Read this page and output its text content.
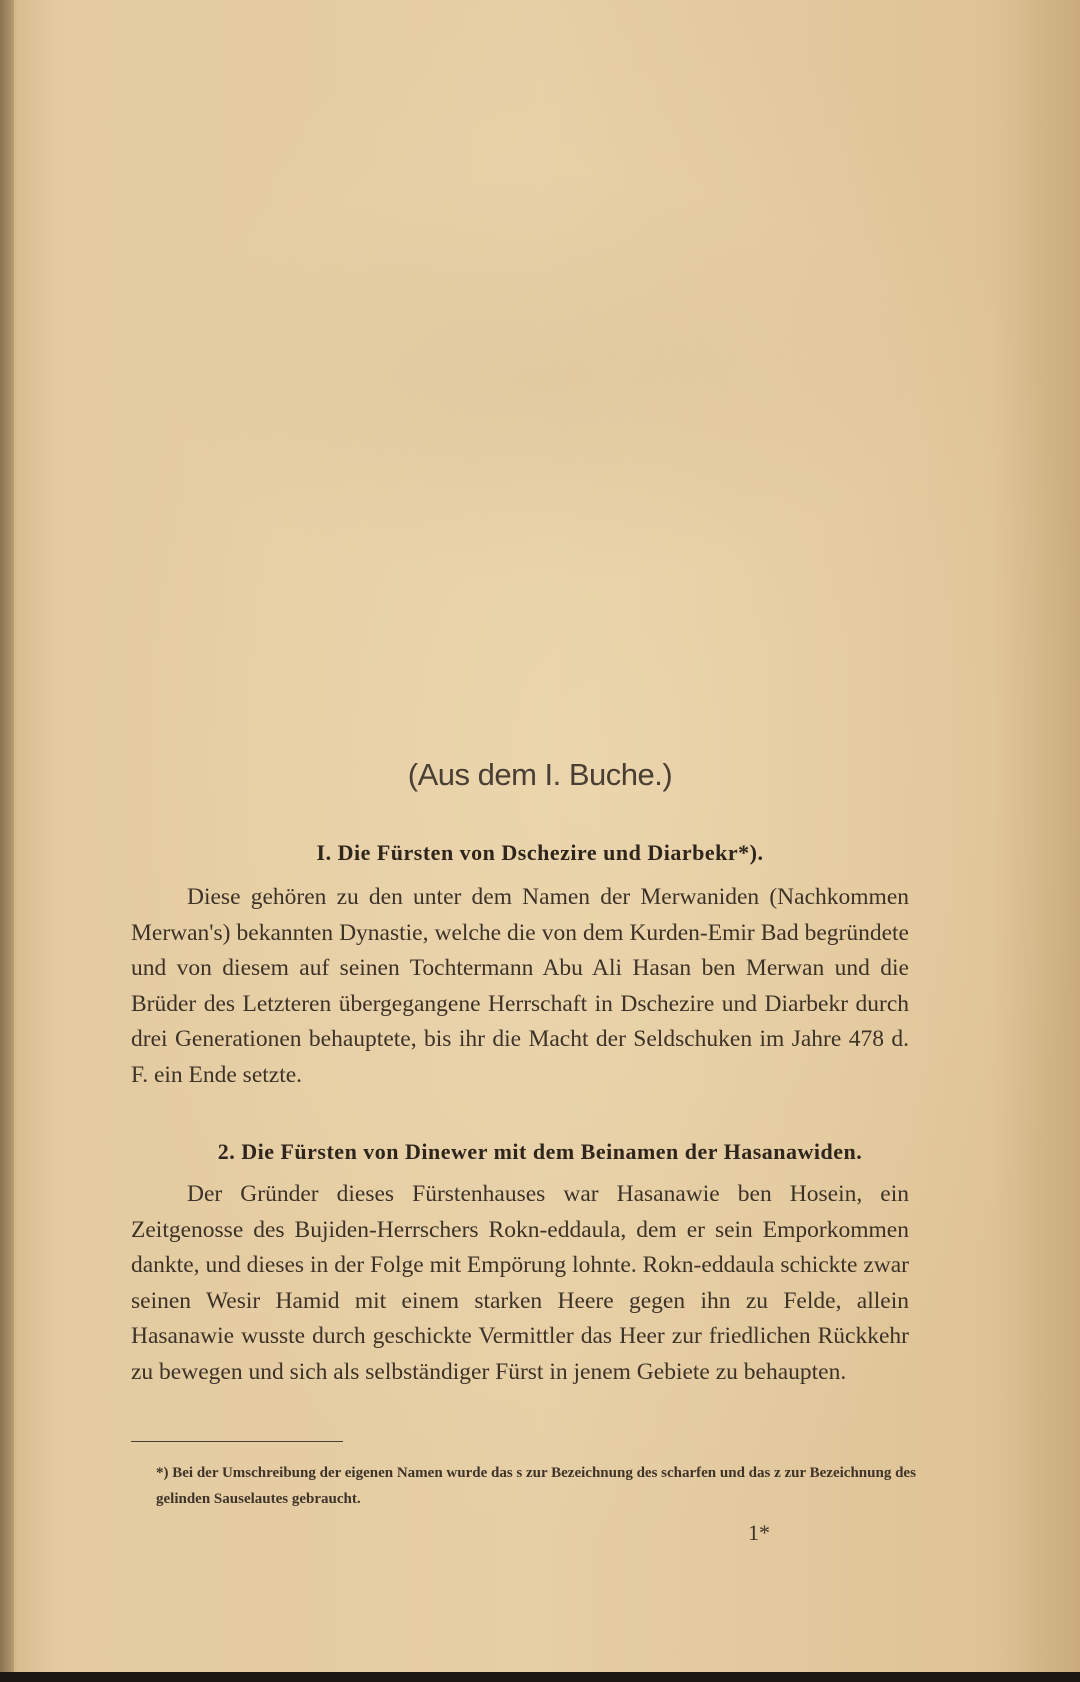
(Aus dem I. Buche.)
I. Die Fürsten von Dschezire und Diarbekr*).

Diese gehören zu den unter dem Namen der Merwaniden (Nachkommen Merwan's) bekannten Dynastie, welche die von dem Kurden-Emir Bad begründete und von diesem auf seinen Tochtermann Abu Ali Hasan ben Merwan und die Brüder des Letzteren übergegangene Herrschaft in Dschezire und Diarbekr durch drei Generationen behauptete, bis ihr die Macht der Seldschuken im Jahre 478 d. F. ein Ende setzte.

2. Die Fürsten von Dinewer mit dem Beinamen der Hasanawiden.

Der Gründer dieses Fürstenhauses war Hasanawie ben Hosein, ein Zeitgenosse des Bujiden-Herrschers Rokn-eddaula, dem er sein Emporkommen dankte, und dieses in der Folge mit Empörung lohnte. Rokn-eddaula schickte zwar seinen Wesir Hamid mit einem starken Heere gegen ihn zu Felde, allein Hasanawie wusste durch geschickte Vermittler das Heer zur friedlichen Rückkehr zu bewegen und sich als selbständiger Fürst in jenem Gebiete zu behaupten.

*) Bei der Umschreibung der eigenen Namen wurde das s zur Bezeichnung des scharfen und das z zur Bezeichnung des gelinden Sauselautes gebraucht.

1*
